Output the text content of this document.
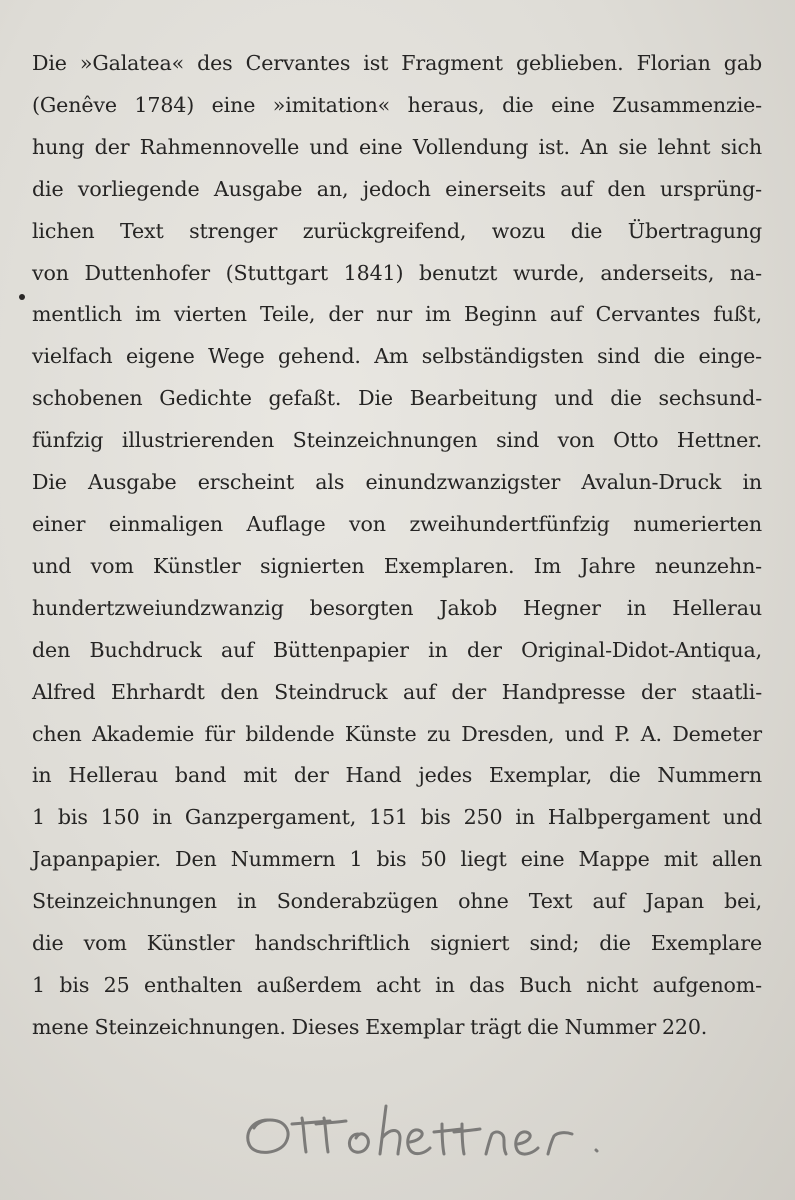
Die »Galatea« des Cervantes ist Fragment geblieben. Florian gab
(Genêve 1784) eine »imitation« heraus, die eine Zusammenzie-
hung der Rahmennovelle und eine Vollendung ist. An sie lehnt sich
die vorliegende Ausgabe an, jedoch einerseits auf den ursprüng-
lichen Text strenger zurückgreifend, wozu die Übertragung
von Duttenhofer (Stuttgart 1841) benutzt wurde, anderseits, na-
mentlich im vierten Teile, der nur im Beginn auf Cervantes fußt,
vielfach eigene Wege gehend. Am selbständigsten sind die einge-
schobenen Gedichte gefaßt. Die Bearbeitung und die sechsund-
fünfzig illustrierenden Steinzeichnungen sind von Otto Hettner.
Die Ausgabe erscheint als einundzwanzigster Avalun-Druck in
einer einmaligen Auflage von zweihundertfünfzig numerierten
und vom Künstler signierten Exemplaren. Im Jahre neunzehn-
hundertzweiundzwanzig besorgten Jakob Hegner in Hellerau
den Buchdruck auf Büttenpapier in der Original-Didot-Antiqua,
Alfred Ehrhardt den Steindruck auf der Handpresse der staatli-
chen Akademie für bildende Künste zu Dresden, und P. A. Demeter
in Hellerau band mit der Hand jedes Exemplar, die Nummern
1 bis 150 in Ganzpergament, 151 bis 250 in Halbpergament und
Japanpapier. Den Nummern 1 bis 50 liegt eine Mappe mit allen
Steinzeichnungen in Sonderabzügen ohne Text auf Japan bei,
die vom Künstler handschriftlich signiert sind; die Exemplare
1 bis 25 enthalten außerdem acht in das Buch nicht aufgenom-
mene Steinzeichnungen. Dieses Exemplar trägt die Nummer 220.
